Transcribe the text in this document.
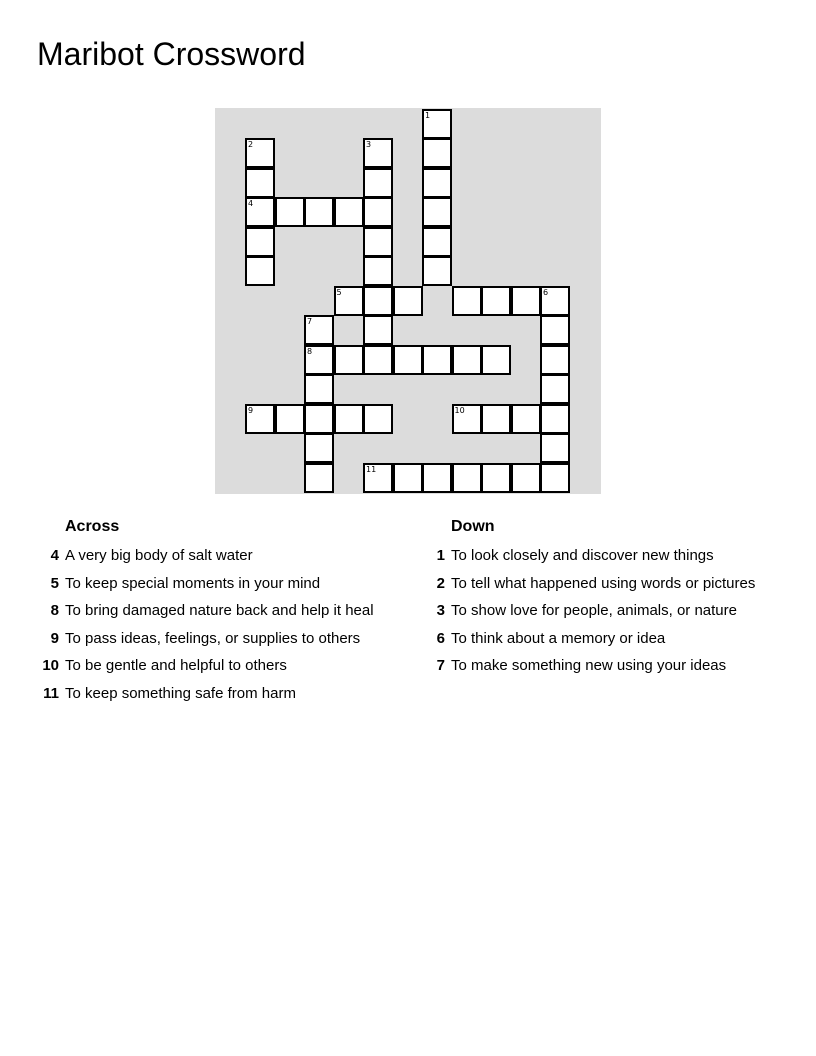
Maribot Crossword
1
2
4
3
5	6
7
8
9	10
11
Across
4 A very big body of salt water
5 To keep special moments in your mind
8 To bring damaged nature back and help it heal
9 To pass ideas, feelings, or supplies to others
10 To be gentle and helpful to others
11 To keep something safe from harm
Down
1 To look closely and discover new things
2 To tell what happened using words or pictures
3 To show love for people, animals, or nature
6 To think about a memory or idea
7 To make something new using your ideas
